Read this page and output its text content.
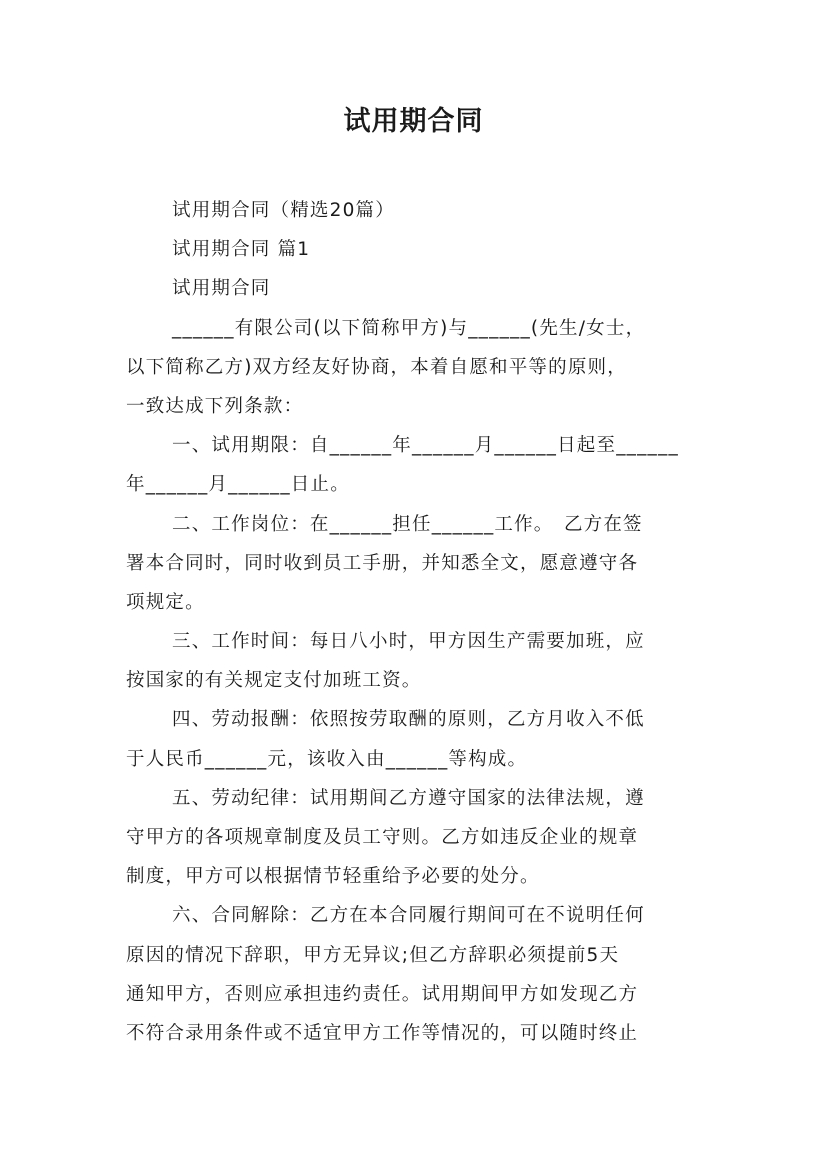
试用期合同
试用期合同（精选20篇）
试用期合同 篇1
试用期合同
______有限公司(以下简称甲方)与______(先生/女士，
以下简称乙方)双方经友好协商，本着自愿和平等的原则，
一致达成下列条款：
一、试用期限：自______年______月______日起至______
年______月______日止。
二、工作岗位：在______担任______工作。　乙方在签
署本合同时，同时收到员工手册，并知悉全文，愿意遵守各
项规定。
三、工作时间：每日八小时，甲方因生产需要加班，应
按国家的有关规定支付加班工资。
四、劳动报酬：依照按劳取酬的原则，乙方月收入不低
于人民币______元，该收入由______等构成。
五、劳动纪律：试用期间乙方遵守国家的法律法规，遵
守甲方的各项规章制度及员工守则。乙方如违反企业的规章
制度，甲方可以根据情节轻重给予必要的处分。
六、合同解除：乙方在本合同履行期间可在不说明任何
原因的情况下辞职，甲方无异议;但乙方辞职必须提前5天
通知甲方，否则应承担违约责任。试用期间甲方如发现乙方
不符合录用条件或不适宜甲方工作等情况的，可以随时终止
